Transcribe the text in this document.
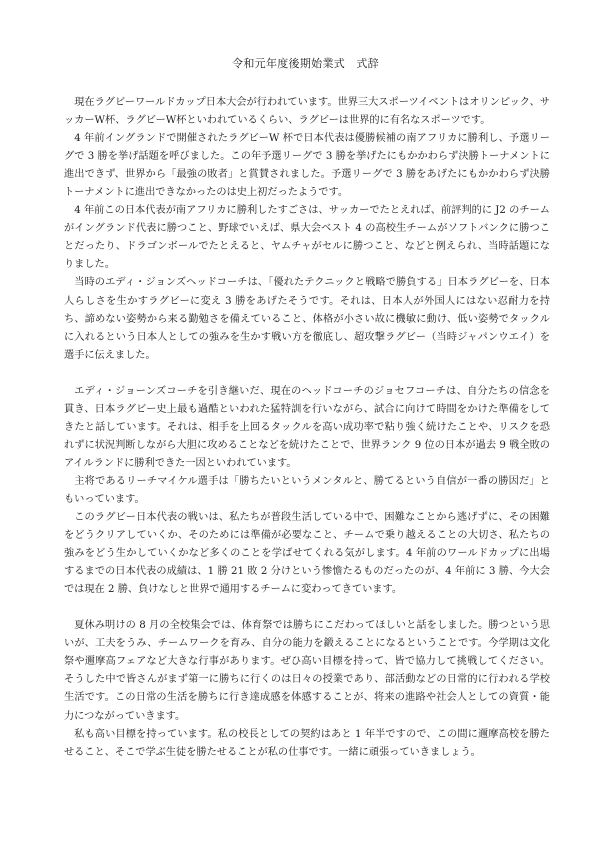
令和元年度後期始業式　式辞

現在ラグビーワールドカップ日本大会が行われています。世界三大スポーツイベントはオリンピック、サッカーW杯、ラグビーW杯といわれているくらい、ラグビーは世界的に有名なスポーツです。

4 年前イングランドで開催されたラグビーW 杯で日本代表は優勝候補の南アフリカに勝利し、予選リーグで 3 勝を挙げ話題を呼びました。この年予選リーグで 3 勝を挙げたにもかかわらず決勝トーナメントに進出できず、世界から「最強の敗者」と賞賛されました。予選リーグで 3 勝をあげたにもかかわらず決勝トーナメントに進出できなかったのは史上初だったようです。

4 年前この日本代表が南アフリカに勝利したすごさは、サッカーでたとえれば、前評判的に J2 のチームがイングランド代表に勝つこと、野球でいえば、県大会ベスト 4 の高校生チームがソフトバンクに勝つことだったり、ドラゴンボールでたとえると、ヤムチャがセルに勝つこと、などと例えられ、当時話題になりました。

当時のエディ・ジョンズヘッドコーチは、「優れたテクニックと戦略で勝負する」日本ラグビーを、日本人らしさを生かすラグビーに変え 3 勝をあげたそうです。それは、日本人が外国人にはない忍耐力を持ち、諦めない姿勢から来る勤勉さを備えていること、体格が小さい故に機敏に動け、低い姿勢でタックルに入れるという日本人としての強みを生かす戦い方を徹底し、超攻撃ラグビー（当時ジャパンウエイ）を選手に伝えました。

エディ・ジョーンズコーチを引き継いだ、現在のヘッドコーチのジョセフコーチは、自分たちの信念を貫き、日本ラグビー史上最も過酷といわれた猛特訓を行いながら、試合に向けて時間をかけた準備をしてきたと話しています。それは、相手を上回るタックルを高い成功率で粘り強く続けたことや、リスクを恐れずに状況判断しながら大胆に攻めることなどを続けたことで、世界ランク 9 位の日本が過去 9 戦全敗のアイルランドに勝利できた一因といわれています。

主将であるリーチマイケル選手は「勝ちたいというメンタルと、勝てるという自信が一番の勝因だ」ともいっています。

このラグビー日本代表の戦いは、私たちが普段生活している中で、困難なことから逃げずに、その困難をどうクリアしていくか、そのためには準備が必要なこと、チームで乗り越えることの大切さ、私たちの強みをどう生かしていくかなど多くのことを学ばせてくれる気がします。4 年前のワールドカップに出場するまでの日本代表の成績は、1 勝 21 敗 2 分けという惨憺たるものだったのが、4 年前に 3 勝、今大会では現在 2 勝、負けなしと世界で通用するチームに変わってきています。

夏休み明けの 8 月の全校集会では、体育祭では勝ちにこだわってほしいと話をしました。勝つという思いが、工夫をうみ、チームワークを育み、自分の能力を鍛えることになるということです。今学期は文化祭や邇摩高フェアなど大きな行事があります。ぜひ高い目標を持って、皆で協力して挑戦してください。そうした中で皆さんがまず第一に勝ちに行くのは日々の授業であり、部活動などの日常的に行われる学校生活です。この日常の生活を勝ちに行き達成感を体感することが、将来の進路や社会人としての資質・能力につながっていきます。

私も高い目標を持っています。私の校長としての契約はあと 1 年半ですので、この間に邇摩高校を勝たせること、そこで学ぶ生徒を勝たせることが私の仕事です。一緒に頑張っていきましょう。
